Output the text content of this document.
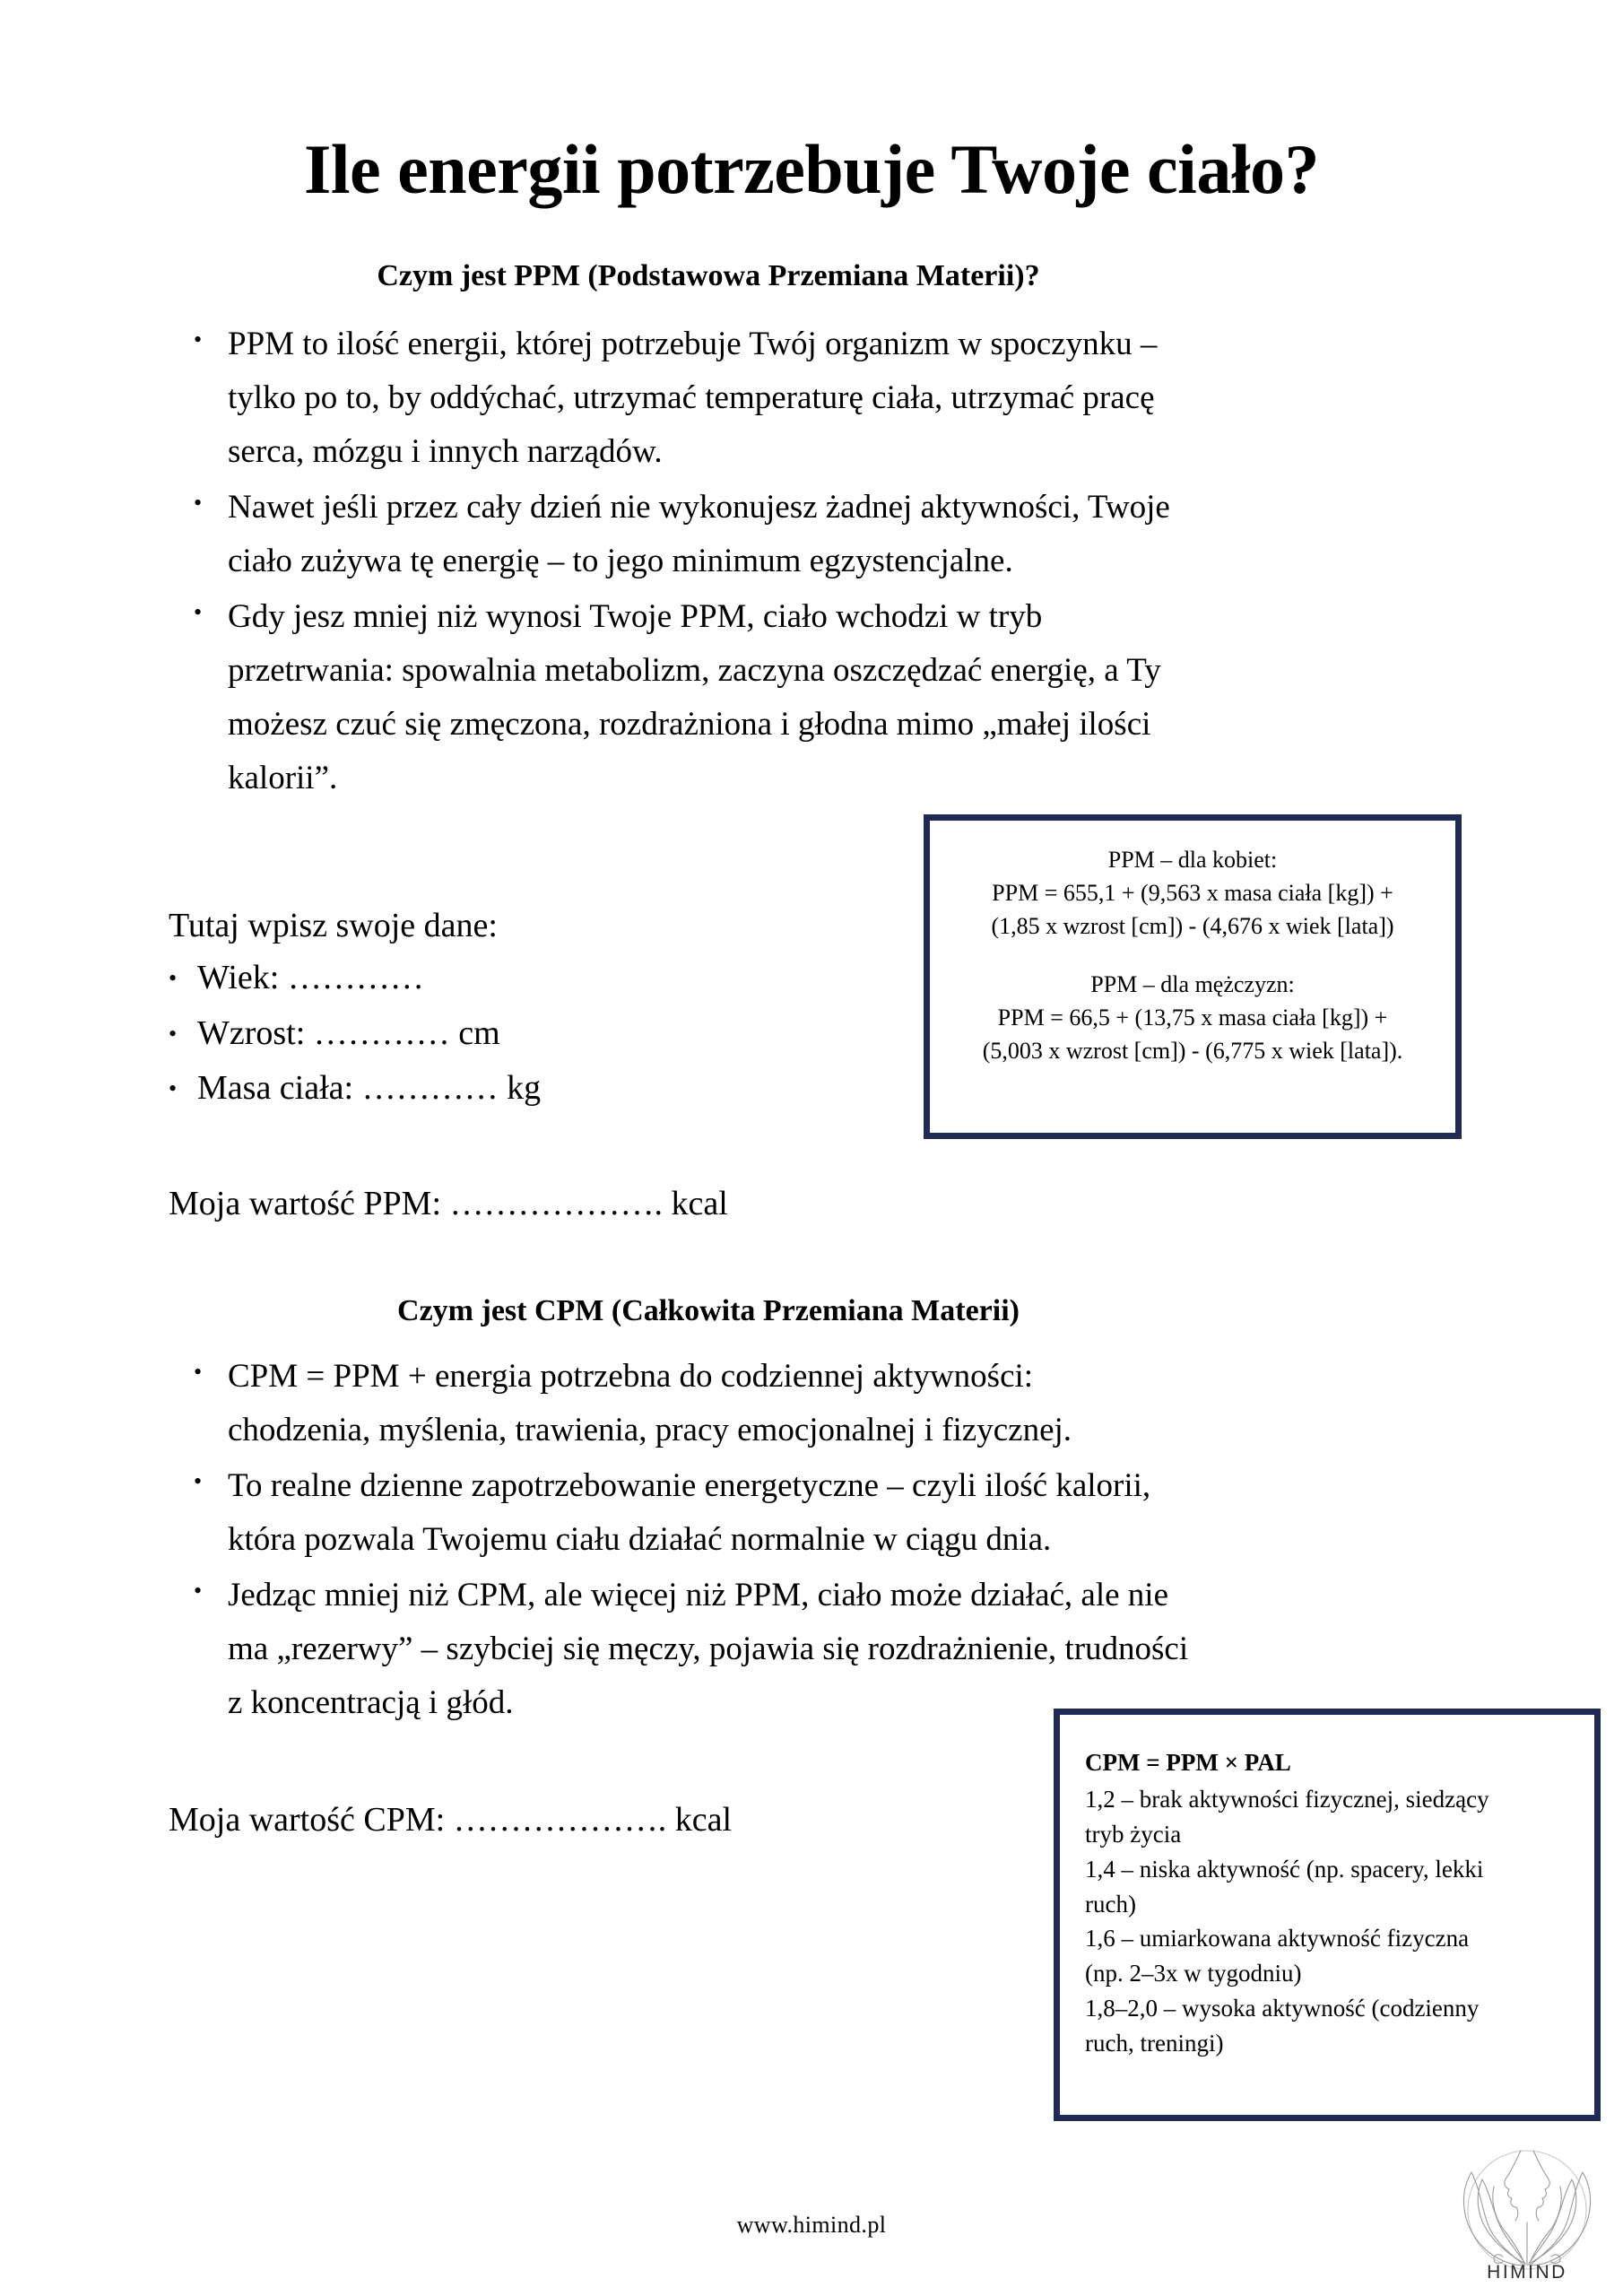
Ile energii potrzebuje Twoje ciało?
Czym jest PPM (Podstawowa Przemiana Materii)?
• PPM to ilość energii, której potrzebuje Twój organizm w spoczynku –
tylko po to, by oddýchać, utrzymać temperaturę ciała, utrzymać pracę
serca, mózgu i innych narządów.
• Nawet jeśli przez cały dzień nie wykonujesz żadnej aktywności, Twoje
ciało zużywa tę energię – to jego minimum egzystencjalne.
• Gdy jesz mniej niż wynosi Twoje PPM, ciało wchodzi w tryb
przetrwania: spowalnia metabolizm, zaczyna oszczędzać energię, a Ty
możesz czuć się zmęczona, rozdrażniona i głodna mimo „małej ilości
kalorii”.
Tutaj wpisz swoje dane:
• Wiek: …………
• Wzrost: ………… cm
• Masa ciała: ………… kg
Moja wartość PPM: ………………. kcal
PPM – dla kobiet:
PPM = 655,1 + (9,563 x masa ciała [kg]) +
(1,85 x wzrost [cm]) - (4,676 x wiek [lata])
PPM – dla mężczyzn:
PPM = 66,5 + (13,75 x masa ciała [kg]) +
(5,003 x wzrost [cm]) - (6,775 x wiek [lata]).
Czym jest CPM (Całkowita Przemiana Materii)
• CPM = PPM + energia potrzebna do codziennej aktywności:
chodzenia, myślenia, trawienia, pracy emocjonalnej i fizycznej.
• To realne dzienne zapotrzebowanie energetyczne – czyli ilość kalorii,
która pozwala Twojemu ciału działać normalnie w ciągu dnia.
• Jedząc mniej niż CPM, ale więcej niż PPM, ciało może działać, ale nie
ma „rezerwy” – szybciej się męczy, pojawia się rozdrażnienie, trudności
z koncentracją i głód.
Moja wartość CPM: ………………. kcal
CPM = PPM × PAL
1,2 – brak aktywności fizycznej, siedzący
tryb życia
1,4 – niska aktywność (np. spacery, lekki
ruch)
1,6 – umiarkowana aktywność fizyczna
(np. 2–3x w tygodniu)
1,8–2,0 – wysoka aktywność (codzienny
ruch, treningi)
www.himind.pl
HIMIND
